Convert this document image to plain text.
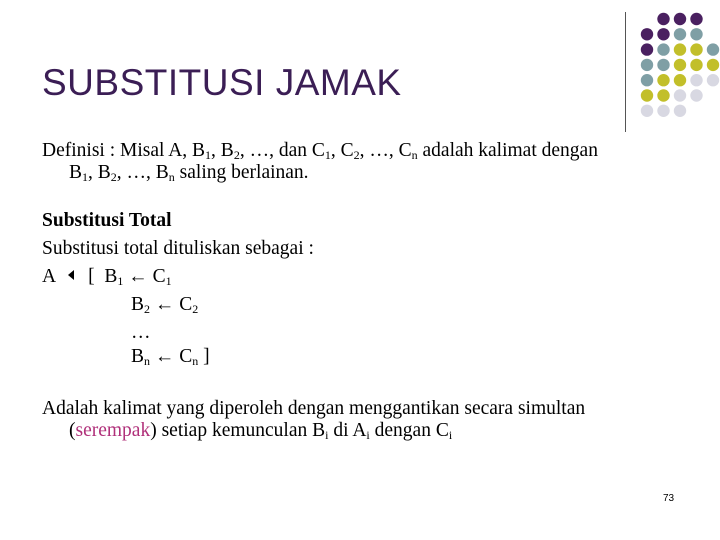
SUBSTITUSI JAMAK
Definisi : Misal A, $B_1$, $B_2$, …, dan $C_1$, $C_2$, …, $C_n$ adalah kalimat dengan
$B_1$, $B_2$, …, $B_n$ saling berlainan.
Substitusi Total
Substitusi total dituliskan sebagai :
A [ $B_1$ ← $C_1$
$B_2$ ← $C_2$
…
$B_n$ ← $C_n$ ]
Adalah kalimat yang diperoleh dengan menggantikan secara simultan
(serempak) setiap kemunculan $B_i$ di $A_i$ dengan $C_i$
73
